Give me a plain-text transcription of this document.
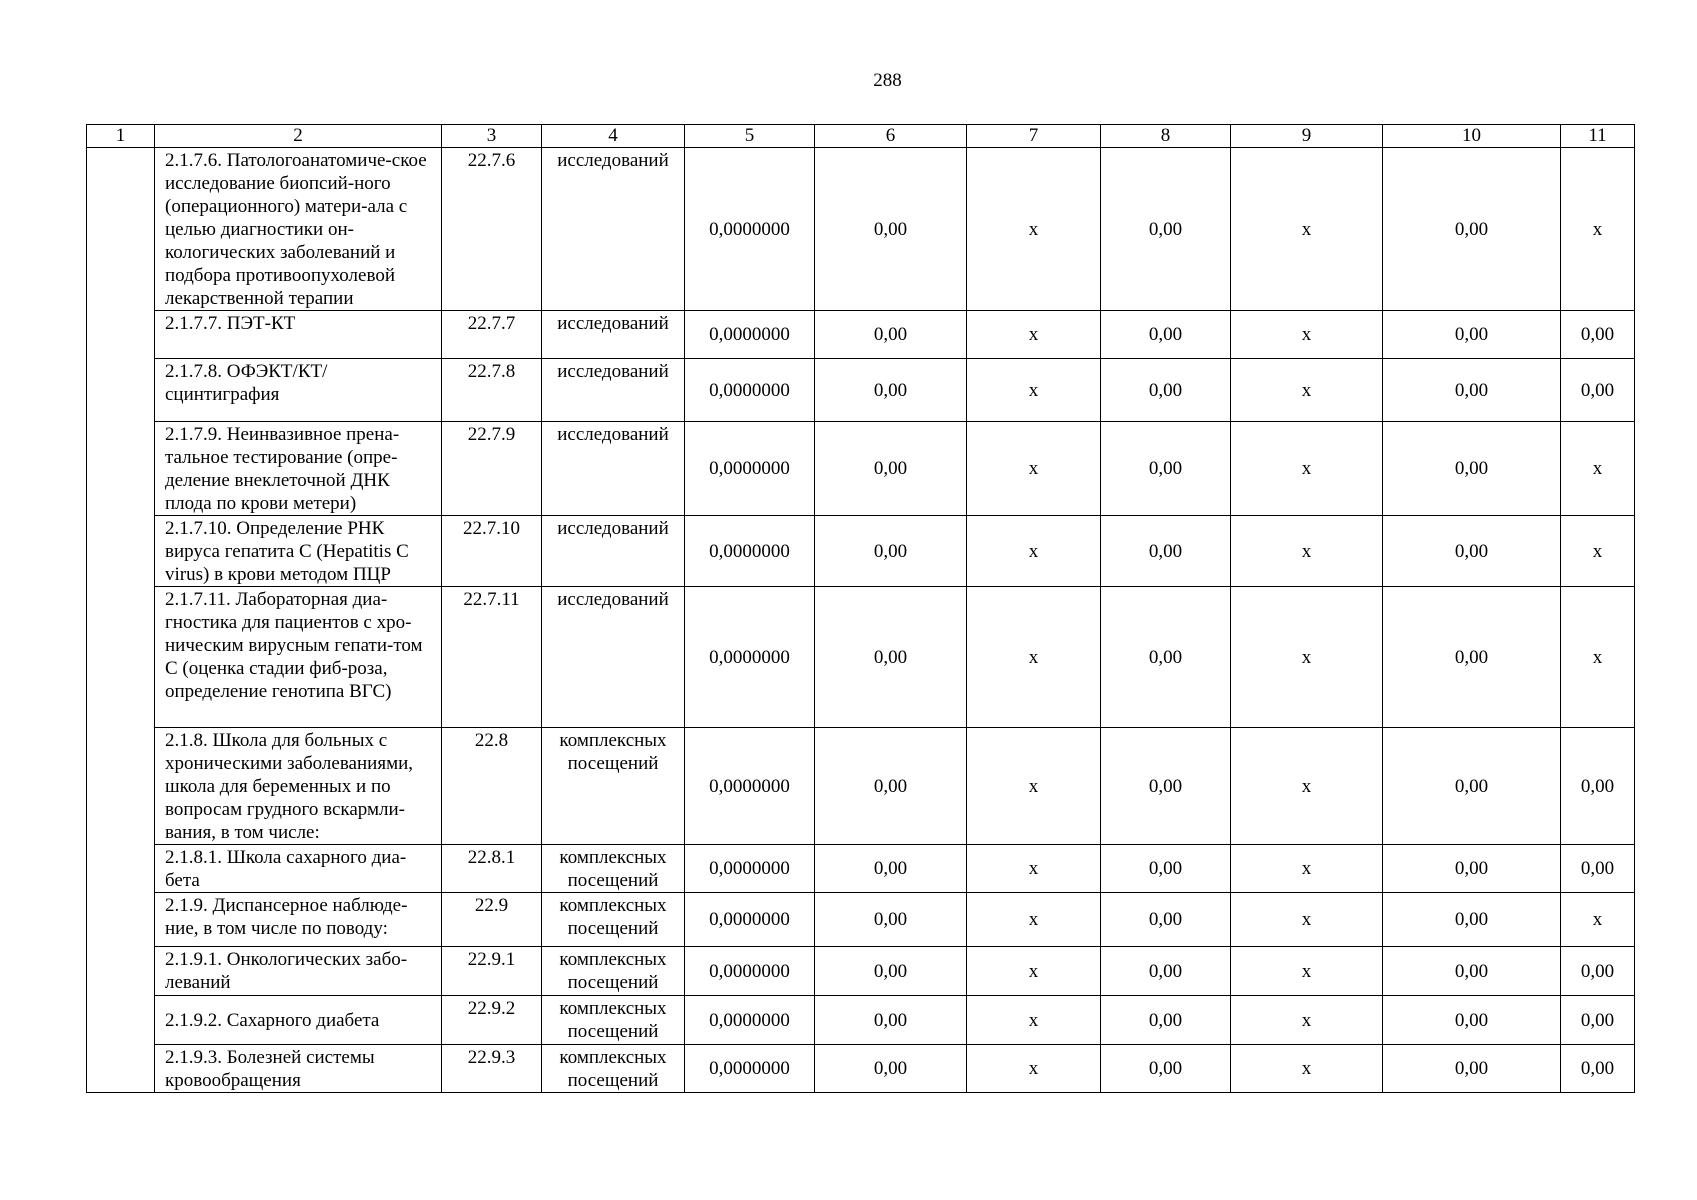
288
1	2	3	4	5	6	7	8	9	10	11
	2.1.7.6. Патологоанатомиче-ское исследование биопсий-ного (операционного) матери-ала с целью диагностики он-кологических заболеваний и подбора противоопухолевой лекарственной терапии	22.7.6	исследований	0,0000000	0,00	х	0,00	х	0,00	х
	2.1.7.7. ПЭТ-КТ	22.7.7	исследований	0,0000000	0,00	х	0,00	х	0,00	0,00
	2.1.7.8. ОФЭКТ/КТ/сцинтиграфия	22.7.8	исследований	0,0000000	0,00	х	0,00	х	0,00	0,00
	2.1.7.9. Неинвазивное прена-тальное тестирование (опре-деление внеклеточной ДНК плода по крови метери)	22.7.9	исследований	0,0000000	0,00	х	0,00	х	0,00	х
	2.1.7.10. Определение РНК вируса гепатита С (Hepatitis C virus) в крови методом ПЦР	22.7.10	исследований	0,0000000	0,00	х	0,00	х	0,00	х
	2.1.7.11. Лабораторная диа-гностика для пациентов с хро-ническим вирусным гепати-том С (оценка стадии фиб-роза, определение генотипа ВГС)	22.7.11	исследований	0,0000000	0,00	х	0,00	х	0,00	х
	2.1.8. Школа для больных с хроническими заболеваниями, школа для беременных и по вопросам грудного вскармли-вания, в том числе:	22.8	комплексных посещений	0,0000000	0,00	х	0,00	х	0,00	0,00
	2.1.8.1. Школа сахарного диа-бета	22.8.1	комплексных посещений	0,0000000	0,00	х	0,00	х	0,00	0,00
	2.1.9. Диспансерное наблюде-ние, в том числе по поводу:	22.9	комплексных посещений	0,0000000	0,00	х	0,00	х	0,00	х
	2.1.9.1. Онкологических забо-леваний	22.9.1	комплексных посещений	0,0000000	0,00	х	0,00	х	0,00	0,00
	2.1.9.2. Сахарного диабета	22.9.2	комплексных посещений	0,0000000	0,00	х	0,00	х	0,00	0,00
	2.1.9.3. Болезней системы кровообращения	22.9.3	комплексных посещений	0,0000000	0,00	х	0,00	х	0,00	0,00
